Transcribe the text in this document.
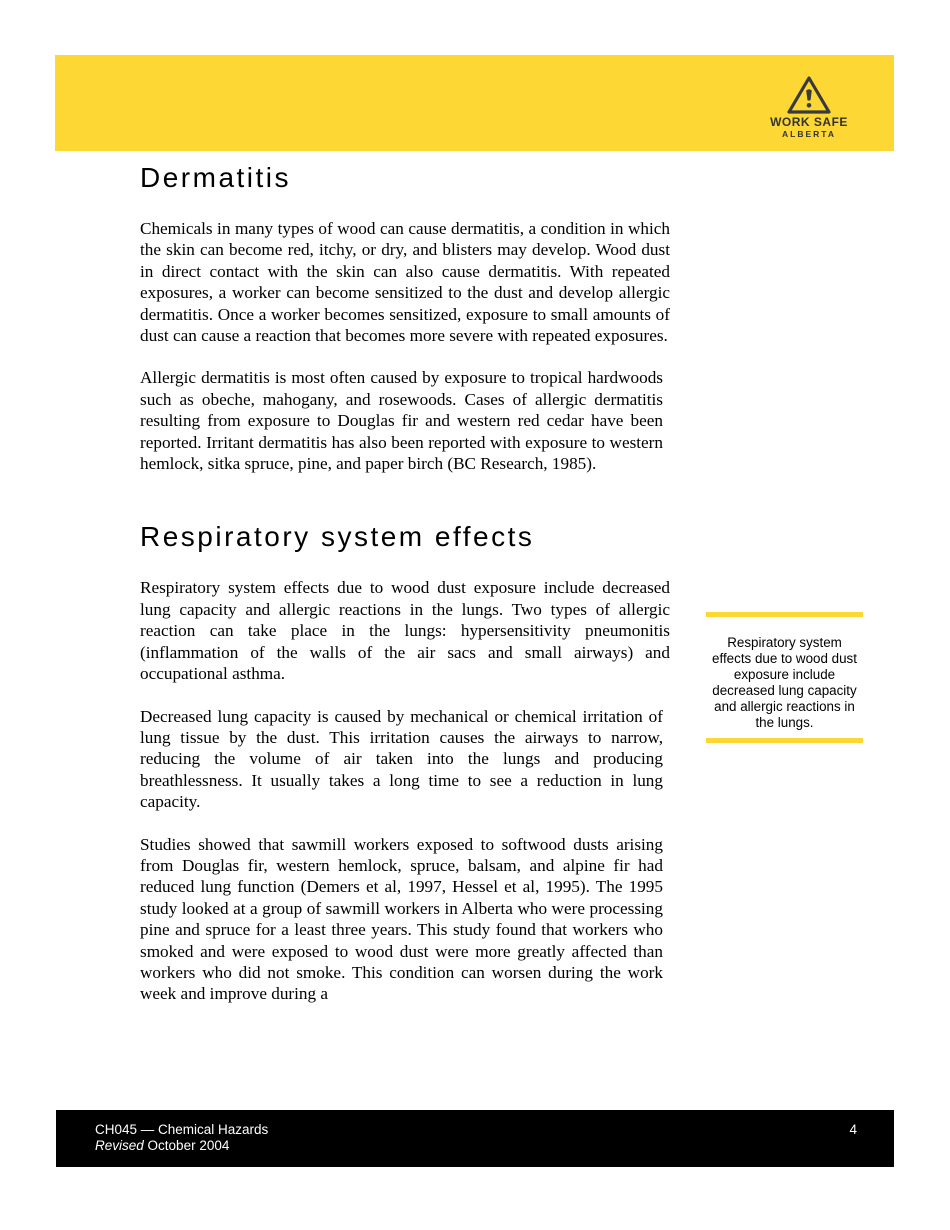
WORK SAFE
ALBERTA
Dermatitis

Chemicals in many types of wood can cause dermatitis, a condition in which the skin can become red, itchy, or dry, and blisters may develop. Wood dust in direct contact with the skin can also cause dermatitis. With repeated exposures, a worker can become sensitized to the dust and develop allergic dermatitis. Once a worker becomes sensitized, exposure to small amounts of dust can cause a reaction that becomes more severe with repeated exposures.

Allergic dermatitis is most often caused by exposure to tropical hardwoods such as obeche, mahogany, and rosewoods. Cases of allergic dermatitis resulting from exposure to Douglas fir and western red cedar have been reported. Irritant dermatitis has also been reported with exposure to western hemlock, sitka spruce, pine, and paper birch (BC Research, 1985).

Respiratory system effects

Respiratory system effects due to wood dust exposure include decreased lung capacity and allergic reactions in the lungs. Two types of allergic reaction can take place in the lungs: hypersensitivity pneumonitis (inflammation of the walls of the air sacs and small airways) and occupational asthma.

Decreased lung capacity is caused by mechanical or chemical irritation of lung tissue by the dust. This irritation causes the airways to narrow, reducing the volume of air taken into the lungs and producing breathlessness. It usually takes a long time to see a reduction in lung capacity.

Studies showed that sawmill workers exposed to softwood dusts arising from Douglas fir, western hemlock, spruce, balsam, and alpine fir had reduced lung function (Demers et al, 1997, Hessel et al, 1995). The 1995 study looked at a group of sawmill workers in Alberta who were processing pine and spruce for a least three years. This study found that workers who smoked and were exposed to wood dust were more greatly affected than workers who did not smoke. This condition can worsen during the work week and improve during a

Respiratory system effects due to wood dust exposure include decreased lung capacity and allergic reactions in the lungs.
CH045 — Chemical Hazards
Revised October 2004
4
